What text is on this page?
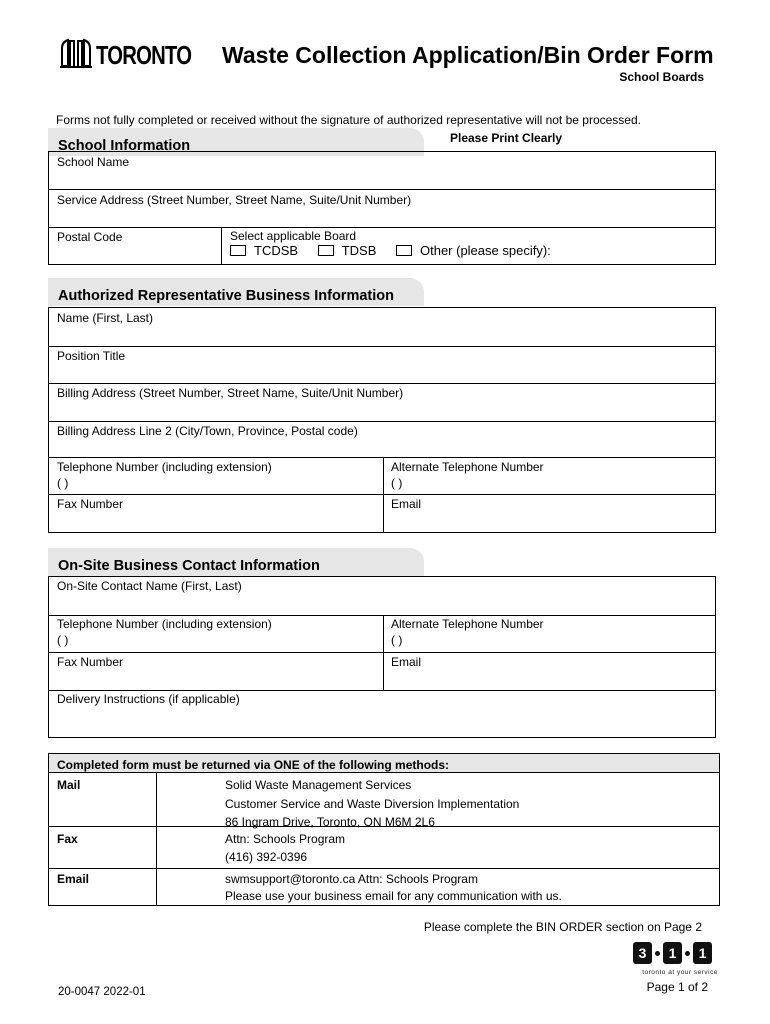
TORONTO Waste Collection Application/Bin Order Form
School Boards
Forms not fully completed or received without the signature of authorized representative will not be processed.
School Information	Please Print Clearly
School Name
Service Address (Street Number, Street Name, Suite/Unit Number)
Postal Code	Select applicable Board
TCDSB	TDSB	Other (please specify):
Authorized Representative Business Information
Name (First, Last)
Position Title
Billing Address (Street Number, Street Name, Suite/Unit Number)
Billing Address Line 2 (City/Town, Province, Postal code)
Telephone Number (including extension)
( )
Alternate Telephone Number
( )
Fax Number	Email
On-Site Business Contact Information
On-Site Contact Name (First, Last)
Telephone Number (including extension)
( )
Alternate Telephone Number
( )
Fax Number	Email
Delivery Instructions (if applicable)
Completed form must be returned via ONE of the following methods:
Mail	Solid Waste Management Services
Customer Service and Waste Diversion Implementation
86 Ingram Drive, Toronto, ON M6M 2L6
Fax	Attn: Schools Program
(416) 392-0396
Email	swmsupport@toronto.ca Attn: Schools Program
Please use your business email for any communication with us.
Please complete the BIN ORDER section on Page 2
3	1	1
toronto at your service
20-0047 2022-01	Page 1 of 2
